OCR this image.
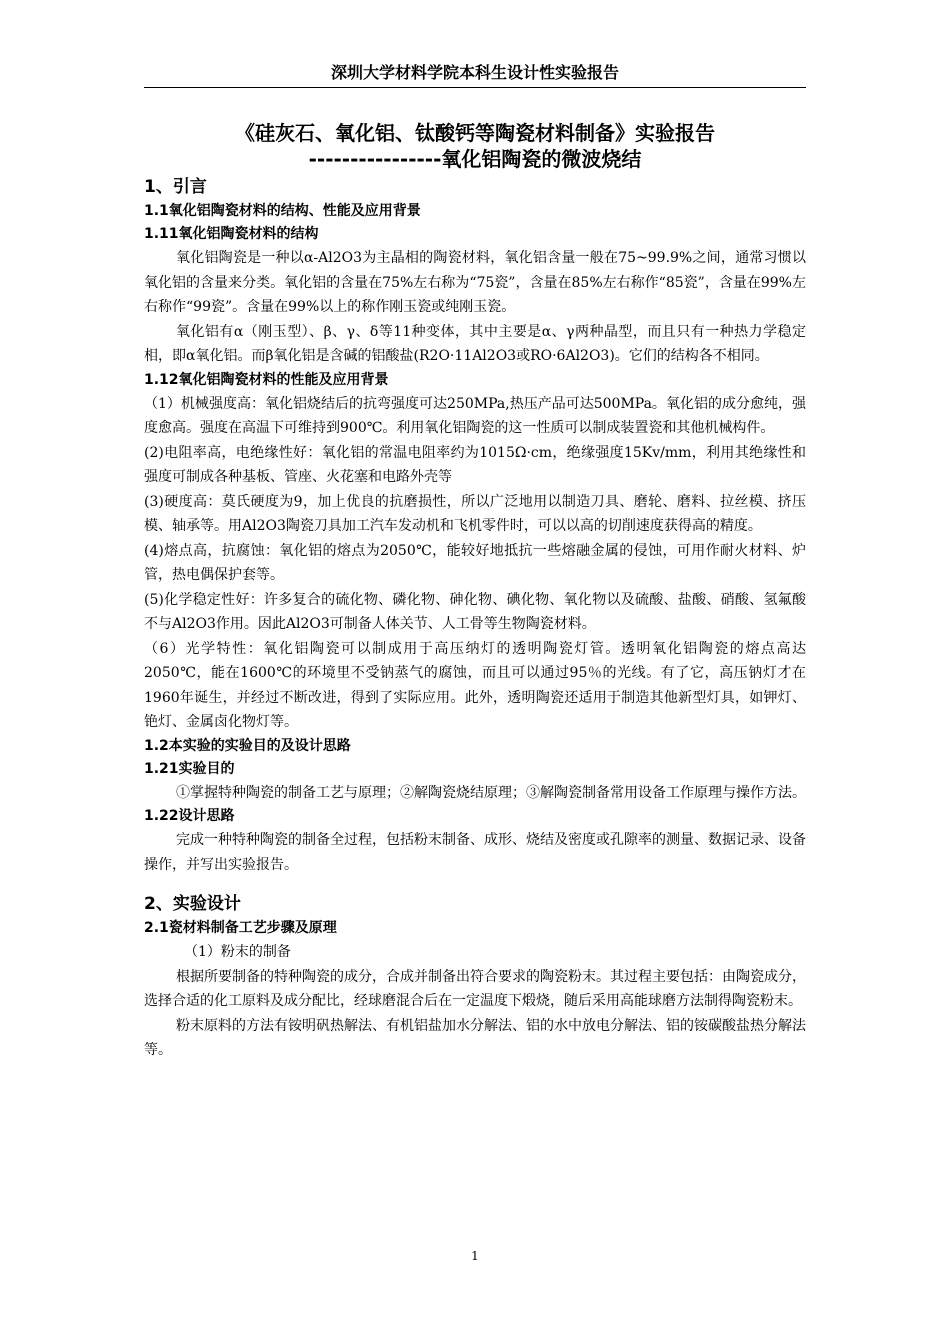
深圳大学材料学院本科生设计性实验报告
《硅灰石、氧化铝、钛酸钙等陶瓷材料制备》实验报告
----------------氧化铝陶瓷的微波烧结
1、引言
1.1氧化铝陶瓷材料的结构、性能及应用背景
1.11氧化铝陶瓷材料的结构

氧化铝陶瓷是一种以α-Al2O3为主晶相的陶瓷材料，氧化铝含量一般在75~99.9%之间，通常习惯以氧化铝的含量来分类。氧化铝的含量在75%左右称为“75瓷”，含量在85%左右称作“85瓷”，含量在99%左右称作“99瓷”。含量在99%以上的称作刚玉瓷或纯刚玉瓷。

氧化铝有α（刚玉型）、β、γ、δ等11种变体，其中主要是α、γ两种晶型，而且只有一种热力学稳定相，即α氧化铝。而β氧化铝是含碱的铝酸盐(R2O·11Al2O3或RO·6Al2O3)。它们的结构各不相同。

1.12氧化铝陶瓷材料的性能及应用背景

（1）机械强度高：氧化铝烧结后的抗弯强度可达250MPa,热压产品可达500MPa。氧化铝的成分愈纯，强度愈高。强度在高温下可维持到900℃。利用氧化铝陶瓷的这一性质可以制成装置瓷和其他机械构件。

(2)电阻率高，电绝缘性好：氧化铝的常温电阻率约为1015Ω·cm，绝缘强度15Kv/mm，利用其绝缘性和强度可制成各种基板、管座、火花塞和电路外壳等

(3)硬度高：莫氏硬度为9，加上优良的抗磨损性，所以广泛地用以制造刀具、磨轮、磨料、拉丝模、挤压模、轴承等。用Al2O3陶瓷刀具加工汽车发动机和飞机零件时，可以以高的切削速度获得高的精度。

(4)熔点高，抗腐蚀：氧化铝的熔点为2050℃，能较好地抵抗一些熔融金属的侵蚀，可用作耐火材料、炉管，热电偶保护套等。

(5)化学稳定性好：许多复合的硫化物、磷化物、砷化物、碘化物、氧化物以及硫酸、盐酸、硝酸、氢氟酸不与Al2O3作用。因此Al2O3可制备人体关节、人工骨等生物陶瓷材料。

（6）光学特性：氧化铝陶瓷可以制成用于高压纳灯的透明陶瓷灯管。透明氧化铝陶瓷的熔点高达2050℃，能在1600℃的环境里不受钠蒸气的腐蚀，而且可以通过95％的光线。有了它，高压钠灯才在1960年诞生，并经过不断改进，得到了实际应用。此外，透明陶瓷还适用于制造其他新型灯具，如钾灯、铯灯、金属卤化物灯等。

1.2本实验的实验目的及设计思路
1.21实验目的

①掌握特种陶瓷的制备工艺与原理；②解陶瓷烧结原理；③解陶瓷制备常用设备工作原理与操作方法。

1.22设计思路

完成一种特种陶瓷的制备全过程，包括粉末制备、成形、烧结及密度或孔隙率的测量、数据记录、设备操作，并写出实验报告。

2、实验设计
2.1瓷材料制备工艺步骤及原理

（1）粉末的制备

根据所要制备的特种陶瓷的成分，合成并制备出符合要求的陶瓷粉末。其过程主要包括：由陶瓷成分，选择合适的化工原料及成分配比，经球磨混合后在一定温度下煅烧，随后采用高能球磨方法制得陶瓷粉末。

粉末原料的方法有铵明矾热解法、有机铝盐加水分解法、铝的水中放电分解法、铝的铵碳酸盐热分解法等。

1
